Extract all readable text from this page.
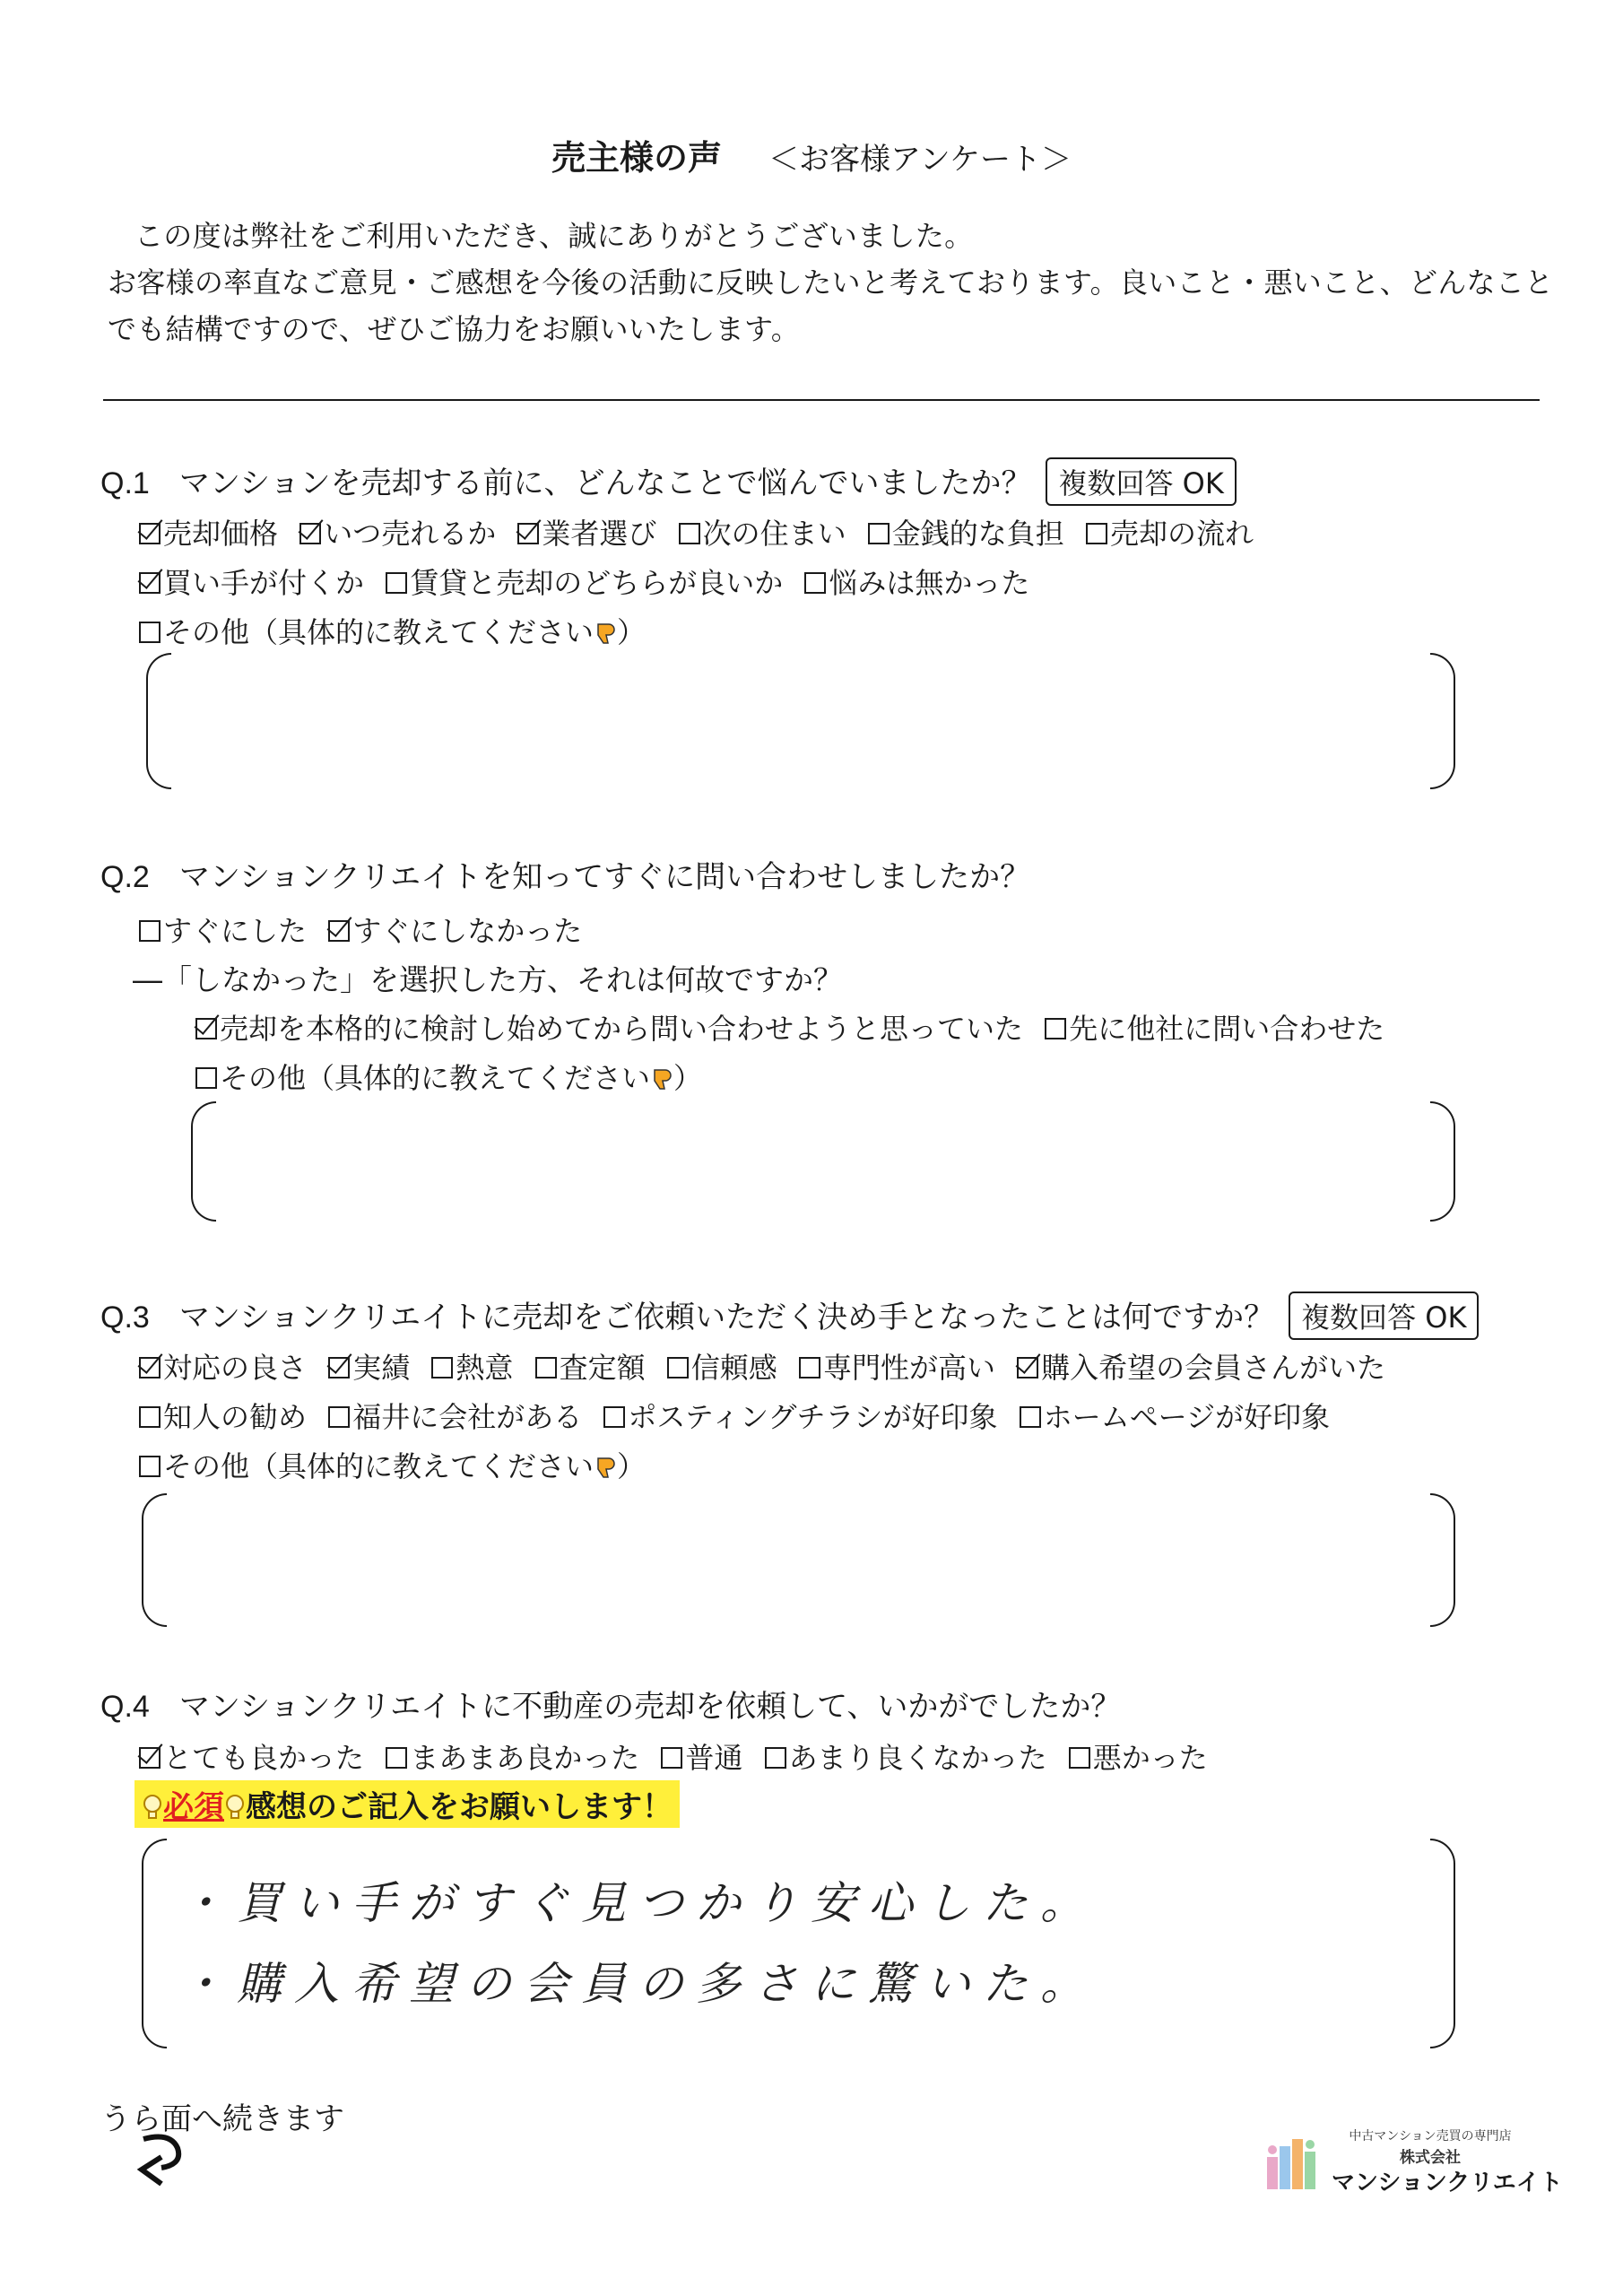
売主様の声 ＜お客様アンケート＞
この度は弊社をご利用いただき、誠にありがとうございました。
お客様の率直なご意見・ご感想を今後の活動に反映したいと考えております。良いこと・悪いこと、どんなこと
でも結構ですので、ぜひご協力をお願いいたします。
Q.1 マンションを売却する前に、どんなことで悩んでいましたか？ 複数回答 OK
売却価格 いつ売れるか 業者選び 次の住まい 金銭的な負担 売却の流れ
買い手が付くか 賃貸と売却のどちらが良いか 悩みは無かった
その他（具体的に教えてください ）
Q.2 マンションクリエイトを知ってすぐに問い合わせしましたか？
すぐにした すぐにしなかった
―「しなかった」を選択した方、それは何故ですか？
売却を本格的に検討し始めてから問い合わせようと思っていた 先に他社に問い合わせた
その他（具体的に教えてください ）
Q.3 マンションクリエイトに売却をご依頼いただく決め手となったことは何ですか？ 複数回答 OK
対応の良さ 実績 熱意 査定額 信頼感 専門性が高い 購入希望の会員さんがいた
知人の勧め 福井に会社がある ポスティングチラシが好印象 ホームページが好印象
その他（具体的に教えてください ）
Q.4 マンションクリエイトに不動産の売却を依頼して、いかがでしたか？
とても良かった まあまあ良かった 普通 あまり良くなかった 悪かった
必須 感想のご記入をお願いします！
・買い手がすぐ見つかり安心した。
・購入希望の会員の多さに驚いた。
うら面へ続きます	中古マンション売買の専門店
株式会社
マンションクリエイト
